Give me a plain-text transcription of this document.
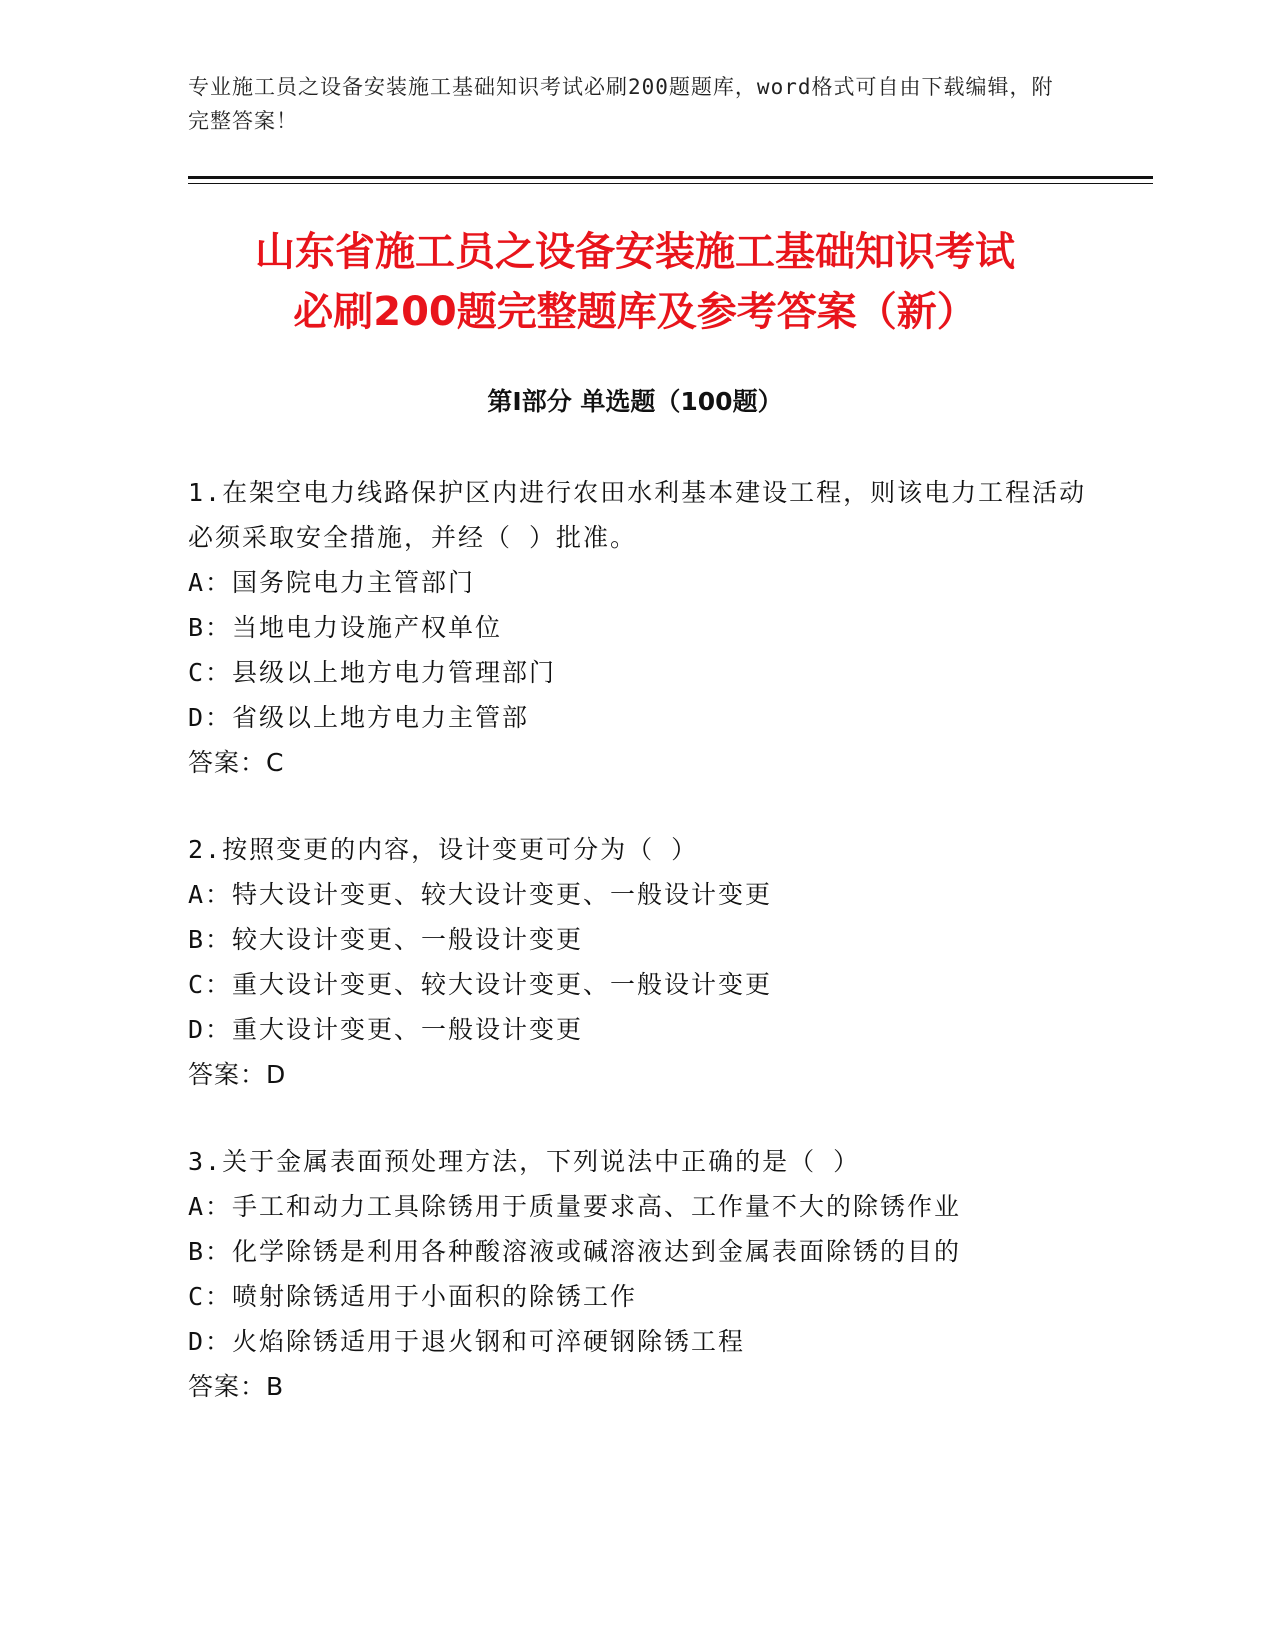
专业施工员之设备安装施工基础知识考试必刷200题题库，word格式可自由下载编辑，附完整答案！
山东省施工员之设备安装施工基础知识考试
必刷200题完整题库及参考答案（新）
第Ⅰ部分 单选题（100题）
1.在架空电力线路保护区内进行农田水利基本建设工程，则该电力工程活动必须采取安全措施，并经（ ）批准。
A：国务院电力主管部门
B：当地电力设施产权单位
C：县级以上地方电力管理部门
D：省级以上地方电力主管部
答案：C
2.按照变更的内容，设计变更可分为（ ）
A：特大设计变更、较大设计变更、一般设计变更
B：较大设计变更、一般设计变更
C：重大设计变更、较大设计变更、一般设计变更
D：重大设计变更、一般设计变更
答案：D
3.关于金属表面预处理方法，下列说法中正确的是（ ）
A：手工和动力工具除锈用于质量要求高、工作量不大的除锈作业
B：化学除锈是利用各种酸溶液或碱溶液达到金属表面除锈的目的
C：喷射除锈适用于小面积的除锈工作
D：火焰除锈适用于退火钢和可淬硬钢除锈工程
答案：B
